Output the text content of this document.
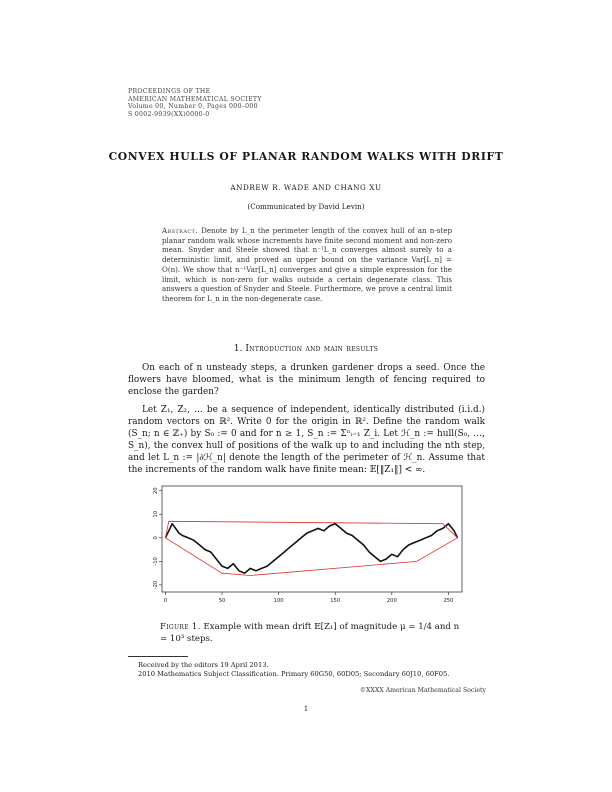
PROCEEDINGS OF THE
AMERICAN MATHEMATICAL SOCIETY
Volume 00, Number 0, Pages 000–000
S 0002-9939(XX)0000-0
CONVEX HULLS OF PLANAR RANDOM WALKS WITH DRIFT
ANDREW R. WADE AND CHANG XU
(Communicated by David Levin)
Abstract. Denote by L_n the perimeter length of the convex hull of an n-step planar random walk whose increments have finite second moment and non-zero mean. Snyder and Steele showed that n⁻¹L_n converges almost surely to a deterministic limit, and proved an upper bound on the variance Var[L_n] = O(n). We show that n⁻¹Var[L_n] converges and give a simple expression for the limit, which is non-zero for walks outside a certain degenerate class. This answers a question of Snyder and Steele. Furthermore, we prove a central limit theorem for L_n in the non-degenerate case.
1. Introduction and main results
On each of n unsteady steps, a drunken gardener drops a seed. Once the flowers have bloomed, what is the minimum length of fencing required to enclose the garden?
Let Z₁, Z₂, … be a sequence of independent, identically distributed (i.i.d.) random vectors on ℝ². Write 0 for the origin in ℝ². Define the random walk (S_n; n ∈ ℤ₊) by S₀ := 0 and for n ≥ 1, S_n := Σⁿᵢ₌₁ Z_i. Let ℋ_n := hull(S₀, …, S_n), the convex hull of positions of the walk up to and including the nth step, and let L_n := |∂ℋ_n| denote the length of the perimeter of ℋ_n. Assume that the increments of the random walk have finite mean: 𝔼[‖Z₁‖] < ∞.
0	50	100	150	200	250
-20
-10
0
10
20
Figure 1. Example with mean drift 𝔼[Z₁] of magnitude μ = 1/4 and n = 10³ steps.
Received by the editors 19 April 2013.
2010 Mathematics Subject Classification. Primary 60G50, 60D05; Secondary 60J10, 60F05.
©XXXX American Mathematical Society
1
